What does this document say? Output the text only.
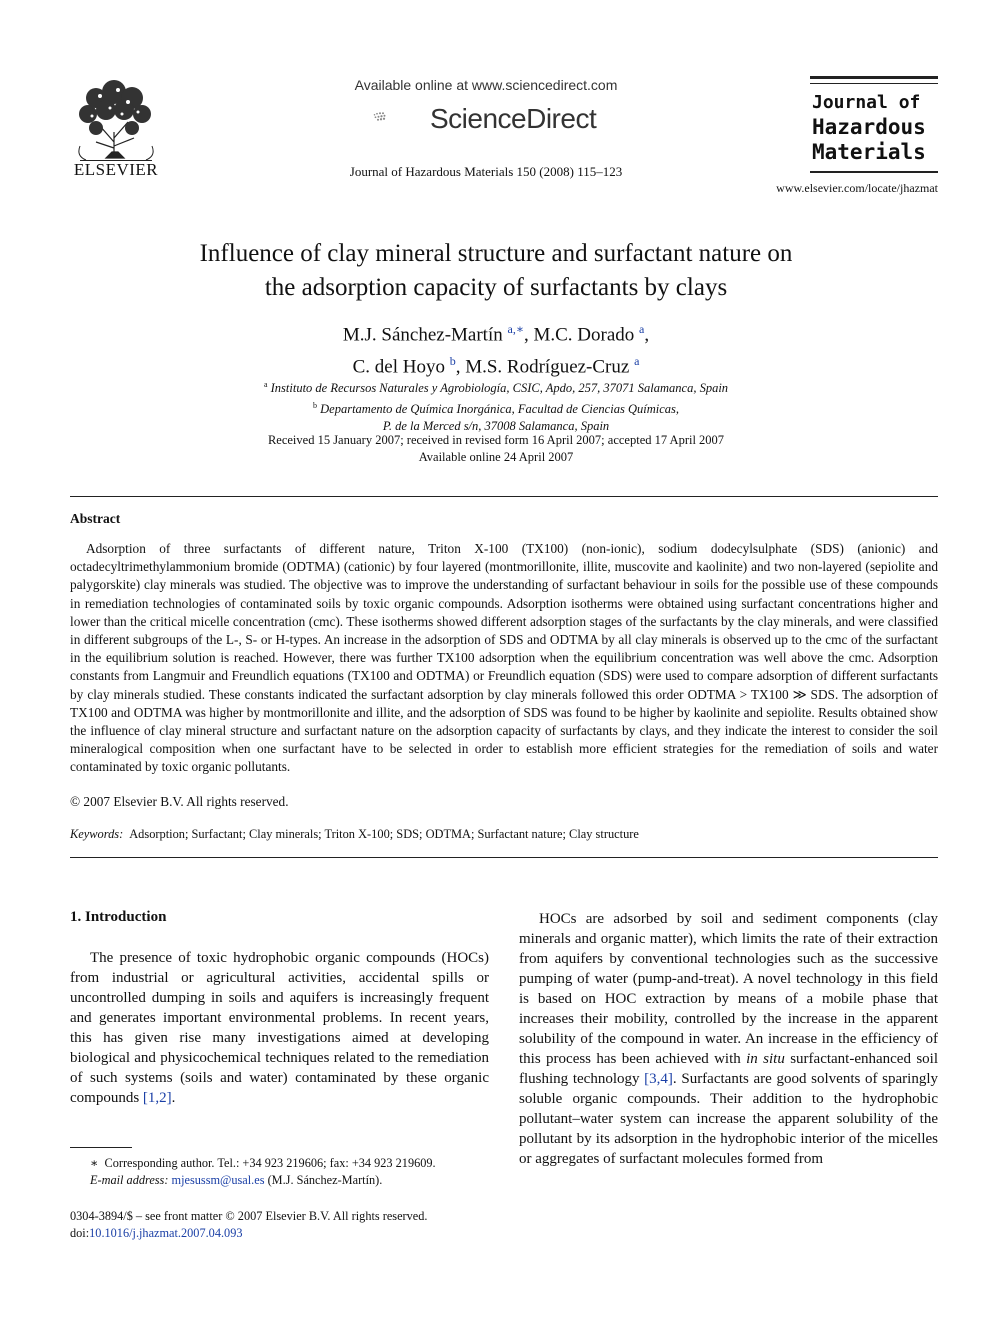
ELSEVIER
Available online at www.sciencedirect.com
ScienceDirect
Journal of Hazardous Materials 150 (2008) 115–123
Journal of
Hazardous
Materials
www.elsevier.com/locate/jhazmat
Influence of clay mineral structure and surfactant nature on
the adsorption capacity of surfactants by clays
M.J. Sánchez-Martín $^{a,∗}$, M.C. Dorado $^a$,
C. del Hoyo $^b$, M.S. Rodríguez-Cruz $^a$
$^a$ Instituto de Recursos Naturales y Agrobiología, CSIC, Apdo, 257, 37071 Salamanca, Spain
$^b$ Departamento de Química Inorgánica, Facultad de Ciencias Químicas,
P. de la Merced s/n, 37008 Salamanca, Spain
Received 15 January 2007; received in revised form 16 April 2007; accepted 17 April 2007
Available online 24 April 2007
Abstract
Adsorption of three surfactants of different nature, Triton X-100 (TX100) (non-ionic), sodium dodecylsulphate (SDS) (anionic) and octadecyltrimethylammonium bromide (ODTMA) (cationic) by four layered (montmorillonite, illite, muscovite and kaolinite) and two non-layered (sepiolite and palygorskite) clay minerals was studied. The objective was to improve the understanding of surfactant behaviour in soils for the possible use of these compounds in remediation technologies of contaminated soils by toxic organic compounds. Adsorption isotherms were obtained using surfactant concentrations higher and lower than the critical micelle concentration (cmc). These isotherms showed different adsorption stages of the surfactants by the clay minerals, and were classified in different subgroups of the L-, S- or H-types. An increase in the adsorption of SDS and ODTMA by all clay minerals is observed up to the cmc of the surfactant in the equilibrium solution is reached. However, there was further TX100 adsorption when the equilibrium concentration was well above the cmc. Adsorption constants from Langmuir and Freundlich equations (TX100 and ODTMA) or Freundlich equation (SDS) were used to compare adsorption of different surfactants by clay minerals studied. These constants indicated the surfactant adsorption by clay minerals followed this order ODTMA > TX100 ≫ SDS. The adsorption of TX100 and ODTMA was higher by montmorillonite and illite, and the adsorption of SDS was found to be higher by kaolinite and sepiolite. Results obtained show the influence of clay mineral structure and surfactant nature on the adsorption capacity of surfactants by clays, and they indicate the interest to consider the soil mineralogical composition when one surfactant have to be selected in order to establish more efficient strategies for the remediation of soils and water contaminated by toxic organic pollutants.
© 2007 Elsevier B.V. All rights reserved.
Keywords: Adsorption; Surfactant; Clay minerals; Triton X-100; SDS; ODTMA; Surfactant nature; Clay structure
1. Introduction
The presence of toxic hydrophobic organic compounds (HOCs) from industrial or agricultural activities, accidental spills or uncontrolled dumping in soils and aquifers is increasingly frequent and generates important environmental problems. In recent years, this has given rise many investigations aimed at developing biological and physicochemical techniques related to the remediation of such systems (soils and water) contaminated by these organic compounds [1,2].
HOCs are adsorbed by soil and sediment components (clay minerals and organic matter), which limits the rate of their extraction from aquifers by conventional technologies such as the successive pumping of water (pump-and-treat). A novel technology in this field is based on HOC extraction by means of a mobile phase that increases their mobility, controlled by the increase in the apparent solubility of the compound in water. An increase in the efficiency of this process has been achieved with in situ surfactant-enhanced soil flushing technology [3,4]. Surfactants are good solvents of sparingly soluble organic compounds. Their addition to the hydrophobic pollutant–water system can increase the apparent solubility of the pollutant by its adsorption in the hydrophobic interior of the micelles or aggregates of surfactant molecules formed from
∗ Corresponding author. Tel.: +34 923 219606; fax: +34 923 219609.
E-mail address: mjesussm@usal.es (M.J. Sánchez-Martín).
0304-3894/$ – see front matter © 2007 Elsevier B.V. All rights reserved.
doi:10.1016/j.jhazmat.2007.04.093
